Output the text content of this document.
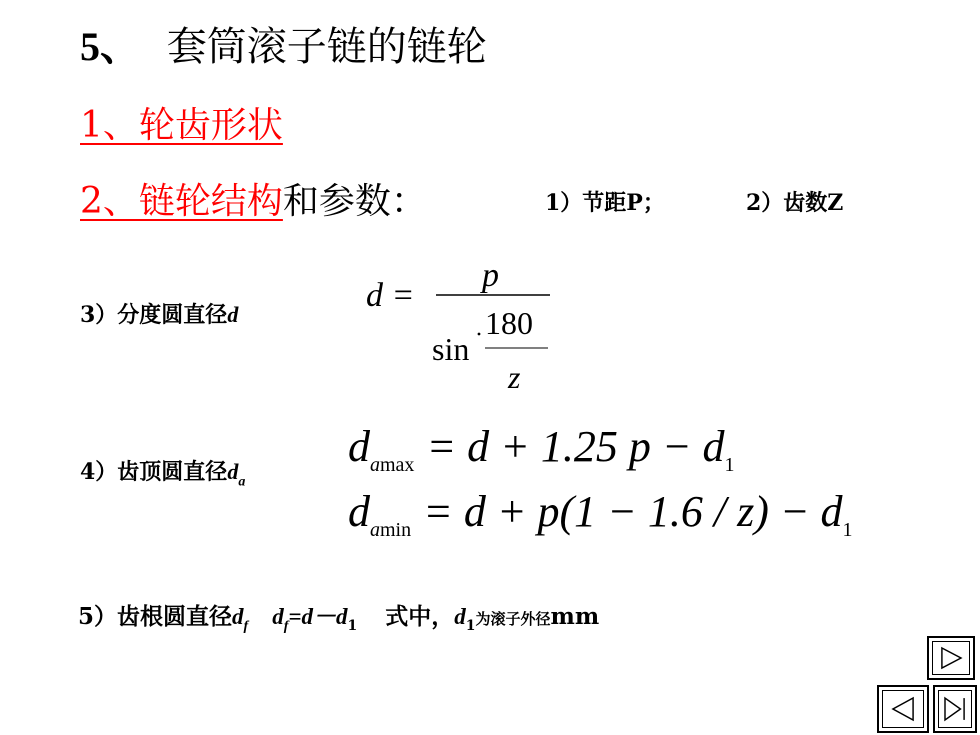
5、 套筒滚子链的链轮
1、轮齿形状
2、链轮结构和参数：	1）节距P；	2）齿数Z
3）分度圆直径d
d =
p
sin
180
z
4）齿顶圆直径$d_a$
$d_{amax} = d + 1.25$ $p - d_1$
$d_{amin} = d + p(1 - 1.6 / z) - d_1$
5）齿根圆直径$d_f$ $d_f=d-d_1$ 式中，$d_1$为滚子外径mm
